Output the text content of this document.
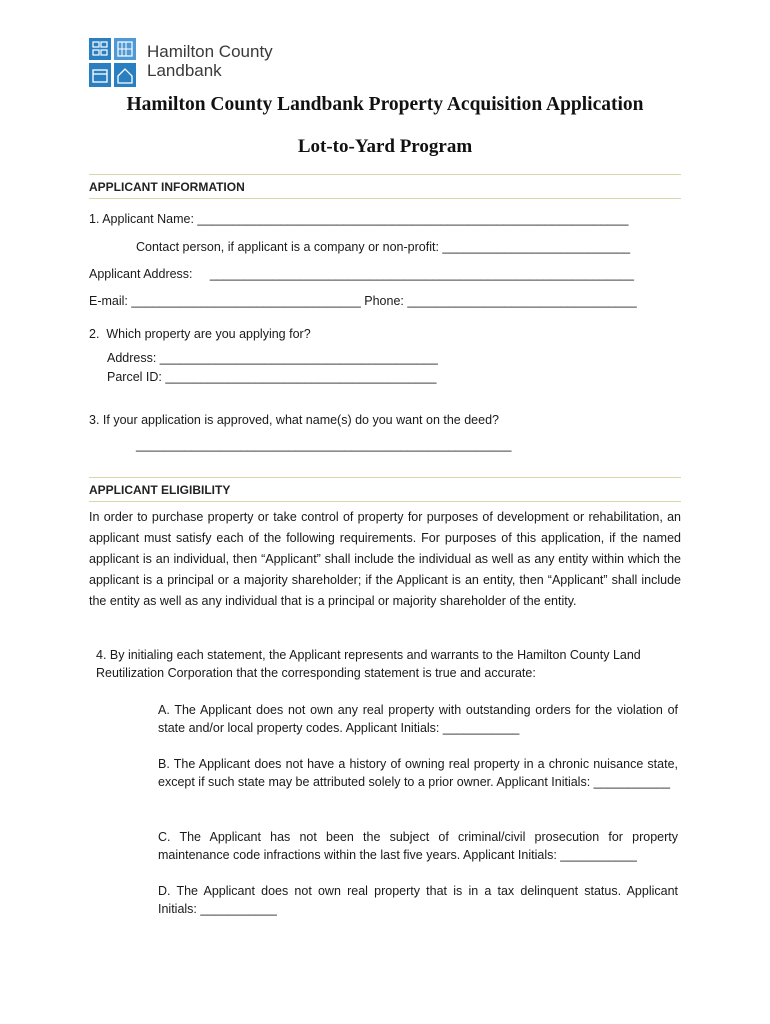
Hamilton County
Landbank
Hamilton County Landbank Property Acquisition Application
Lot-to-Yard Program
APPLICANT INFORMATION
1. Applicant Name: ______________________________________________________________
Contact person, if applicant is a company or non-profit: ___________________________
Applicant Address:     _____________________________________________________________
E-mail: _________________________________ Phone: _________________________________
2.  Which property are you applying for?
Address: ________________________________________
Parcel ID: _______________________________________
3. If your application is approved, what name(s) do you want on the deed?
______________________________________________________
APPLICANT ELIGIBILITY
In order to purchase property or take control of property for purposes of development or rehabilitation, an applicant must satisfy each of the following requirements. For purposes of this application, if the named applicant is an individual, then “Applicant” shall include the individual as well as any entity within which the applicant is a principal or a majority shareholder; if the Applicant is an entity, then “Applicant” shall include the entity as well as any individual that is a principal or majority shareholder of the entity.
4. By initialing each statement, the Applicant represents and warrants to the Hamilton County Land Reutilization Corporation that the corresponding statement is true and accurate:
A. The Applicant does not own any real property with outstanding orders for the violation of state and/or local property codes. Applicant Initials: ___________
B. The Applicant does not have a history of owning real property in a chronic nuisance state, except if such state may be attributed solely to a prior owner. Applicant Initials: ___________
C. The Applicant has not been the subject of criminal/civil prosecution for property maintenance code infractions within the last five years. Applicant Initials: ___________
D. The Applicant does not own real property that is in a tax delinquent status. Applicant Initials: ___________
